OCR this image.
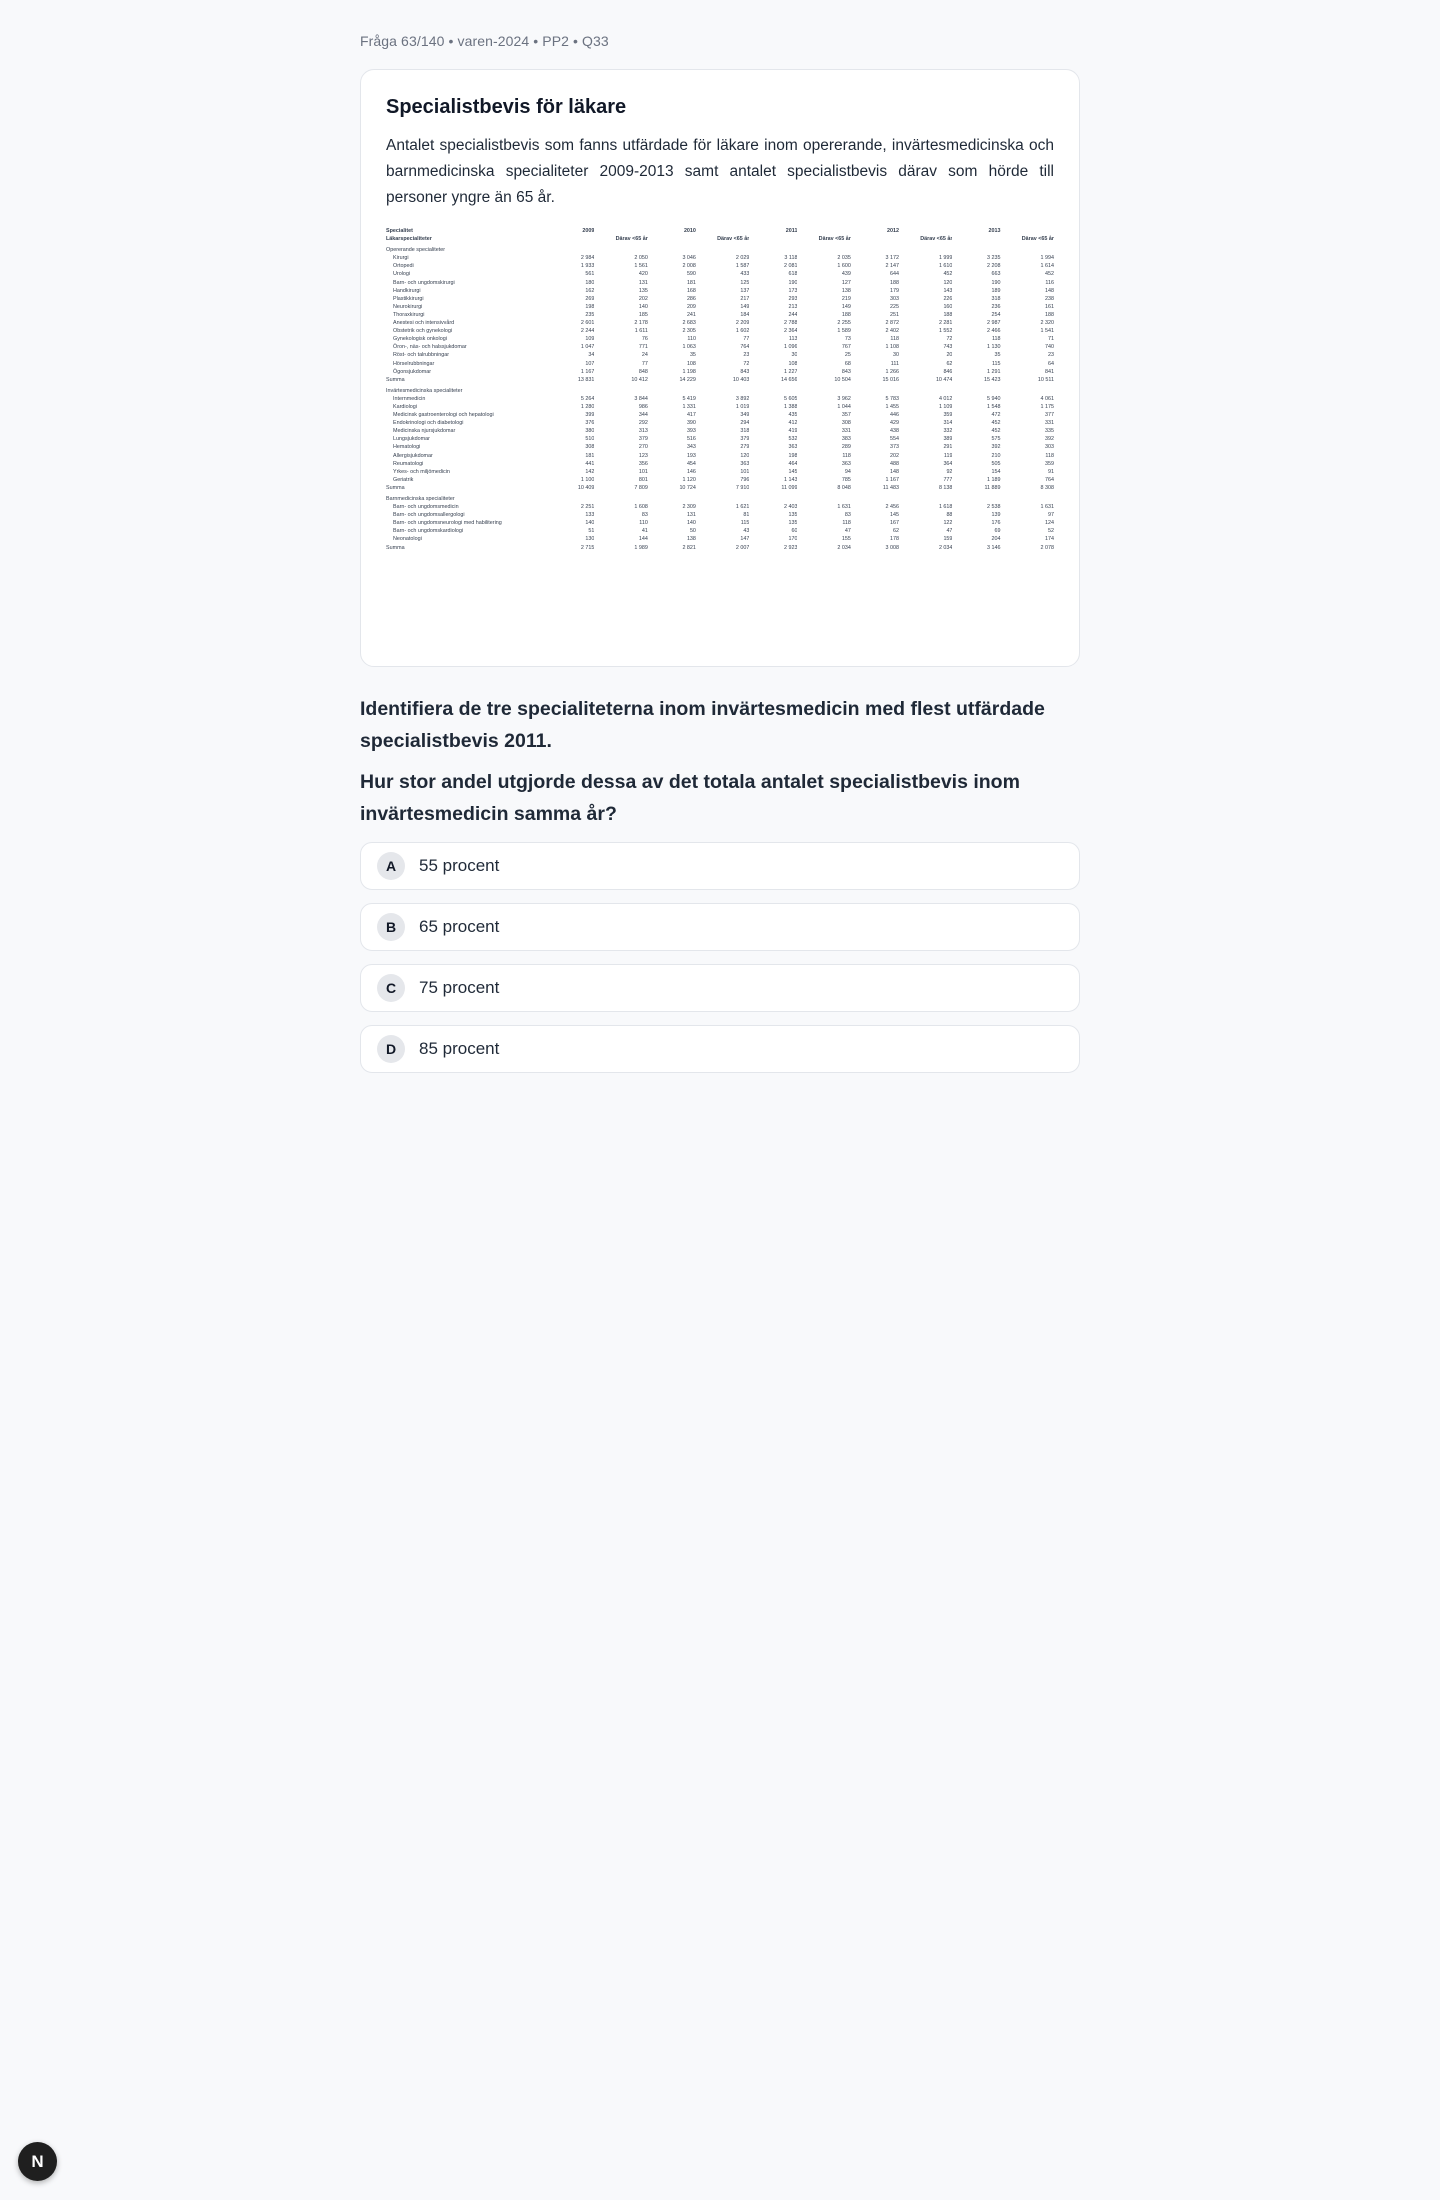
Fråga 63/140 • varen-2024 • PP2 • Q33
Specialistbevis för läkare
Antalet specialistbevis som fanns utfärdade för läkare inom opererande, invärtesmedicinska och barnmedicinska specialiteter 2009-2013 samt antalet specialistbevis därav som hörde till personer yngre än 65 år.
Specialitet	2009		2010		2011		2012		2013	
Läkarspecialiteter		Därav <65 år		Därav <65 år		Därav <65 år		Därav <65 år		Därav <65 år
Opererande specialiteter										
Kirurgi	2 984	2 050	3 046	2 029	3 118	2 035	3 172	1 999	3 235	1 994
Ortopedi	1 933	1 561	2 008	1 587	2 081	1 600	2 147	1 610	2 208	1 614
Urologi	561	420	590	433	618	439	644	452	663	452
Barn- och ungdomskirurgi	180	131	181	125	190	127	188	120	190	116
Handkirurgi	162	135	168	137	173	138	179	143	189	148
Plastikkirurgi	269	202	286	217	293	219	303	226	318	238
Neurokirurgi	198	140	209	149	213	149	225	160	236	161
Thoraxkirurgi	235	185	241	184	244	188	251	188	254	188
Anestesi och intensivvård	2 601	2 178	2 683	2 209	2 788	2 255	2 872	2 281	2 987	2 320
Obstetrik och gynekologi	2 244	1 611	2 305	1 602	2 364	1 589	2 402	1 552	2 466	1 541
Gynekologisk onkologi	109	76	110	77	113	73	118	72	118	71
Öron-, näs- och halssjukdomar	1 047	771	1 063	764	1 096	767	1 108	743	1 130	740
Röst- och talrubbningar	34	24	35	23	30	25	30	20	35	23
Hörselrubbningar	107	77	108	72	108	68	111	62	115	64
Ögonsjukdomar	1 167	848	1 198	843	1 227	843	1 266	846	1 291	841
Summa	13 831	10 412	14 229	10 403	14 656	10 504	15 016	10 474	15 423	10 511
Invärtesmedicinska specialiteter										
Internmedicin	5 264	3 844	5 419	3 892	5 605	3 962	5 783	4 012	5 940	4 061
Kardiologi	1 280	986	1 331	1 019	1 388	1 044	1 455	1 109	1 548	1 175
Medicinsk gastroenterologi och hepatologi	399	344	417	349	435	357	446	359	472	377
Endokrinologi och diabetologi	376	292	390	294	412	308	429	314	452	331
Medicinska njursjukdomar	380	313	393	318	419	331	438	332	452	335
Lungsjukdomar	510	379	516	379	532	383	554	389	575	392
Hematologi	308	270	343	279	363	289	373	291	392	303
Allergisjukdomar	181	123	193	120	198	118	202	119	210	118
Reumatologi	441	356	454	363	464	363	488	364	505	359
Yrkes- och miljömedicin	142	101	146	101	145	94	148	92	154	91
Geriatrik	1 100	801	1 120	796	1 143	785	1 167	777	1 189	764
Summa	10 409	7 809	10 724	7 910	11 099	8 048	11 483	8 138	11 889	8 308
Barnmedicinska specialiteter										
Barn- och ungdomsmedicin	2 251	1 608	2 309	1 621	2 403	1 631	2 456	1 618	2 538	1 631
Barn- och ungdomsallergologi	133	83	131	81	135	83	145	88	139	97
Barn- och ungdomsneurologi med habilitering	140	110	140	115	135	118	167	122	176	124
Barn- och ungdomskardiologi	51	41	50	43	60	47	62	47	69	52
Neonatologi	130	144	138	147	170	155	178	159	204	174
Summa	2 715	1 989	2 821	2 007	2 923	2 034	3 008	2 034	3 146	2 078
Identifiera de tre specialiteterna inom invärtesmedicin med flest utfärdade specialistbevis 2011.
Hur stor andel utgjorde dessa av det totala antalet specialistbevis inom invärtesmedicin samma år?
A	55 procent
B	65 procent
C	75 procent
D	85 procent
N
